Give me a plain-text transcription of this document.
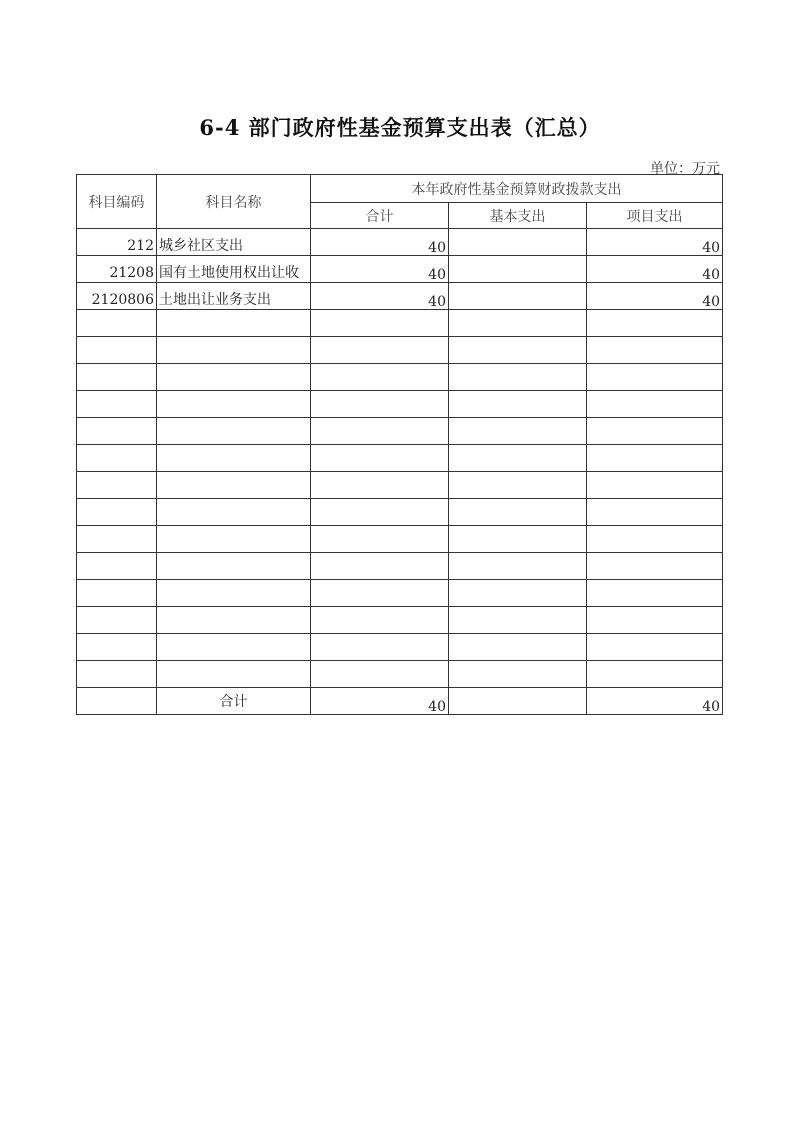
6-4 部门政府性基金预算支出表（汇总）
单位：万元
科目编码	科目名称	本年政府性基金预算财政拨款支出		
		合计	基本支出	项目支出
212	城乡社区支出	40		40
21208	国有土地使用权出让收	40		40
2120806	土地出让业务支出	40		40

	合计	40		40
